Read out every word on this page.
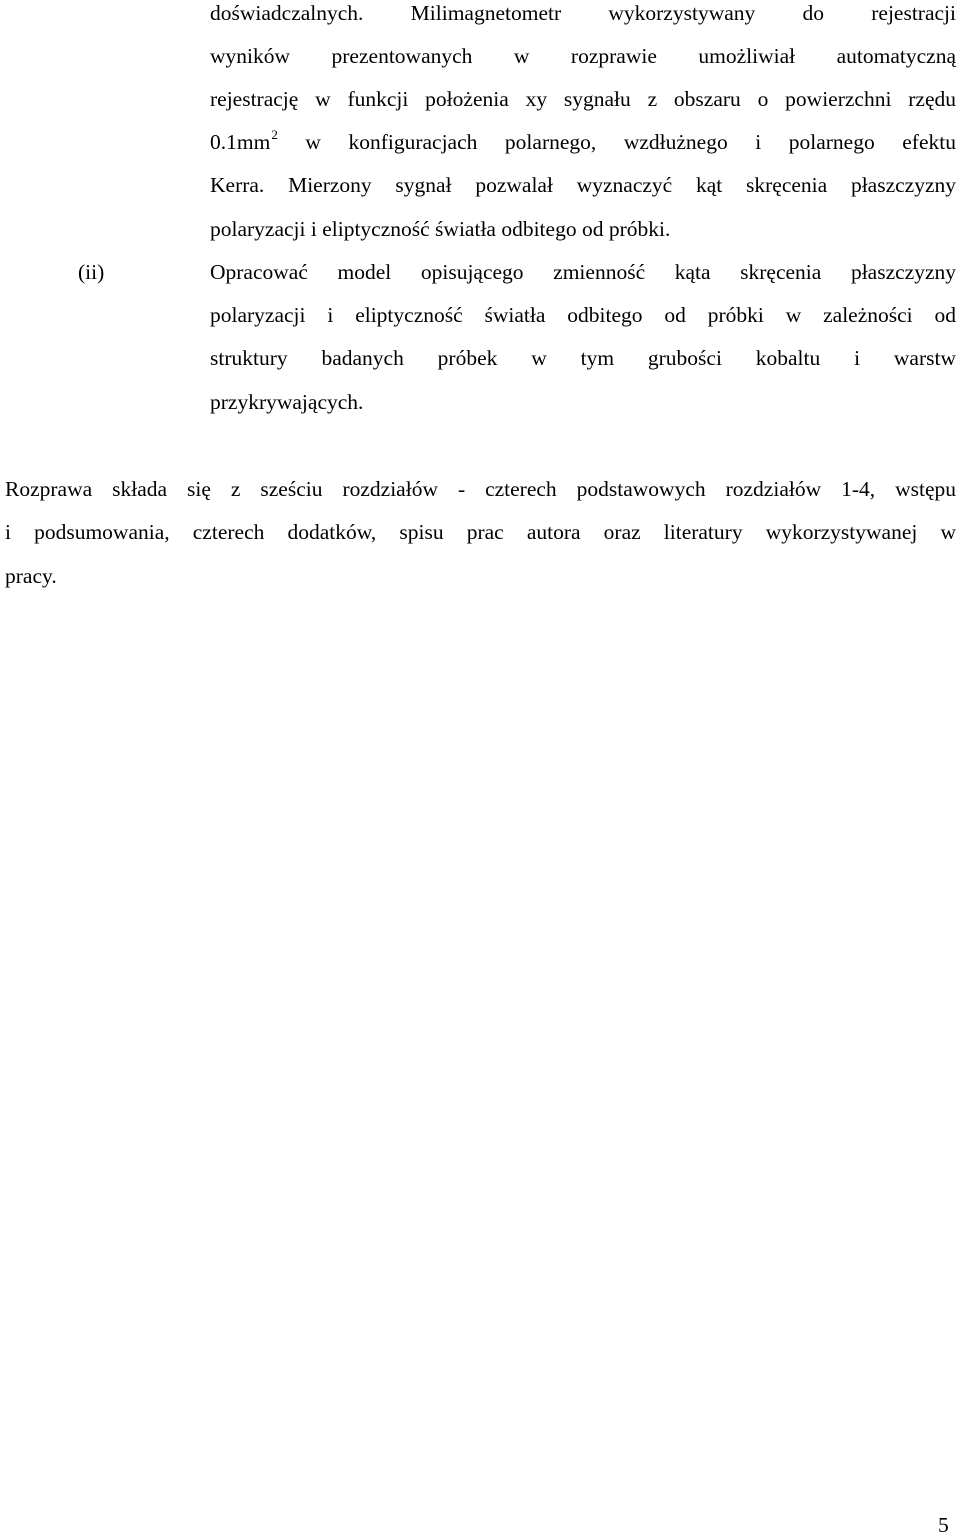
doświadczalnych. Milimagnetometr wykorzystywany do rejestracji
wyników prezentowanych w rozprawie umożliwiał automatyczną
rejestrację w funkcji położenia xy sygnału z obszaru o powierzchni rzędu
$0.1mm^2$ w konfiguracjach polarnego, wzdłużnego i polarnego efektu
Kerra. Mierzony sygnał pozwalał wyznaczyć kąt skręcenia płaszczyzny
polaryzacji i eliptyczność światła odbitego od próbki.
(ii)	Opracować model opisującego zmienność kąta skręcenia płaszczyzny
polaryzacji i eliptyczność światła odbitego od próbki w zależności od
struktury badanych próbek w tym grubości kobaltu i warstw
przykrywających.
Rozprawa składa się z sześciu rozdziałów - czterech podstawowych rozdziałów 1-4, wstępu
i podsumowania, czterech dodatków, spisu prac autora oraz literatury wykorzystywanej w
pracy.
5
